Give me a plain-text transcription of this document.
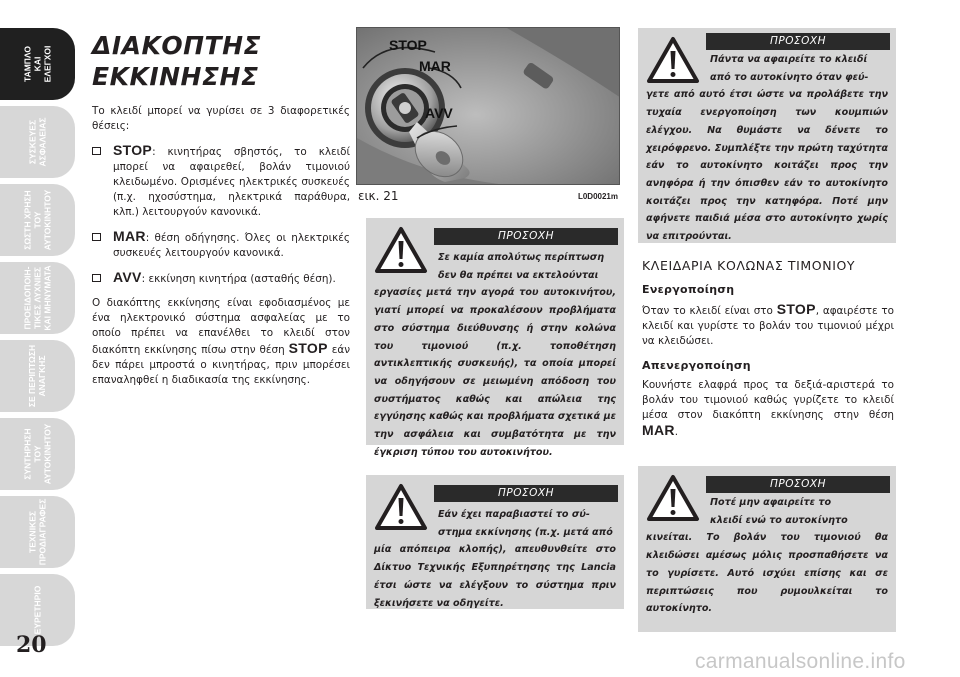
ΤΑΜΠΛΟ
ΚΑΙ
ΕΛΕΓΧΟΙ
ΣΥΣΚΕΥΕΣ
ΑΣΦΑΛΕΙΑΣ
ΣΩΣΤΗ ΧΡΗΣΗ
ΤΟΥ
ΑΥΤΟΚΙΝΗΤΟΥ
ΠΡΟΕΙΔΟΠΟΙΗ-
ΤΙΚΕΣ ΛΥΧΝΙΕΣ
ΚΑΙ ΜΗΝΥΜΑΤΑ
ΣΕ ΠΕΡΙΠΤΩΣΗ
ΑΝΑΓΚΗΣ
ΣΥΝΤΗΡΗΣΗ
ΤΟΥ
ΑΥΤΟΚΙΝΗΤΟΥ
ΤΕΧΝΙΚΕΣ
ΠΡΟΔΙΑΓΡΑΦΕΣ
ΕΥΡΕΤΗΡΙΟ
20
ΔΙΑΚΟΠΤΗΣ
ΕΚΚΙΝΗΣΗΣ

Το κλειδί μπορεί να γυρίσει σε 3 διαφορετικές θέσεις:

STOP: κινητήρας σβηστός, το κλειδί μπορεί να αφαιρεθεί, βολάν τιμονιού κλειδωμένο. Ορισμένες ηλεκτρικές συσκευές (π.χ. ηχοσύστημα, ηλεκτρικά παράθυρα, κλπ.) λειτουργούν κανονικά.
MAR: θέση οδήγησης. Όλες οι ηλεκτρικές συσκευές λειτουργούν κανονικά.
AVV: εκκίνηση κινητήρα (ασταθής θέση).

Ο διακόπτης εκκίνησης είναι εφοδιασμένος με ένα ηλεκτρονικό σύστημα ασφαλείας με το οποίο πρέπει να επανέλθει το κλειδί στον διακόπτη εκκίνησης πίσω στην θέση STOP εάν δεν πάρει μπροστά ο κινητήρας, πριν μπορέσει επαναληφθεί η διαδικασία της εκκίνησης.

STOP
MAR
AVV
εικ. 21	L0D0021m
ΠΡΟΣΟΧΗ
Σε καμία απολύτως περίπτωση
δεν θα πρέπει να εκτελούνται
εργασίες μετά την αγορά του αυτοκινήτου, γιατί μπορεί να προκαλέσουν προβλήματα στο σύστημα διεύθυνσης ή στην κολώνα του τιμονιού (π.χ. τοποθέτηση αντικλεπτικής συσκευής), τα οποία μπορεί να οδηγήσουν σε μειωμένη απόδοση του συστήματος καθώς και απώλεια της εγγύησης καθώς και προβλήματα σχετικά με την ασφάλεια και συμβατότητα με την έγκριση τύπου του αυτοκινήτου.
ΠΡΟΣΟΧΗ
Εάν έχει παραβιαστεί το σύ-
στημα εκκίνησης (π.χ. μετά από
μία απόπειρα κλοπής), απευθυνθείτε στο Δίκτυο Τεχνικής Εξυπηρέτησης της Lancia έτσι ώστε να ελέγξουν το σύστημα πριν ξεκινήσετε να οδηγείτε.
ΠΡΟΣΟΧΗ
Πάντα να αφαιρείτε το κλειδί
από το αυτοκίνητο όταν φεύ-
γετε από αυτό έτσι ώστε να προλάβετε την τυχαία ενεργοποίηση των κουμπιών ελέγχου. Να θυμάστε να δένετε το χειρόφρενο. Συμπλέξτε την πρώτη ταχύτητα εάν το αυτοκίνητο κοιτάζει προς την ανηφόρα ή την όπισθεν εάν το αυτοκίνητο κοιτάζει προς την κατηφόρα. Ποτέ μην αφήνετε παιδιά μέσα στο αυτοκίνητο χωρίς να επιτρούνται.
ΠΡΟΣΟΧΗ
Ποτέ μην αφαιρείτε το
κλειδί ενώ το αυτοκίνητο
κινείται. Το βολάν του τιμονιού θα κλειδώσει αμέσως μόλις προσπαθήσετε να το γυρίσετε. Αυτό ισχύει επίσης και σε περιπτώσεις που ρυμουλκείται το αυτοκίνητο.
ΚΛΕΙΔΑΡΙΑ ΚΟΛΩΝΑΣ ΤΙΜΟΝΙΟΥ
Ενεργοποίηση

Όταν το κλειδί είναι στο STOP, αφαιρέστε το κλειδί και γυρίστε το βολάν του τιμονιού μέχρι να κλειδώσει.

Απενεργοποίηση

Κουνήστε ελαφρά προς τα δεξιά-αριστερά το βολάν του τιμονιού καθώς γυρίζετε το κλειδί μέσα στον διακόπτη εκκίνησης στην θέση MAR.

carmanualsonline.info
